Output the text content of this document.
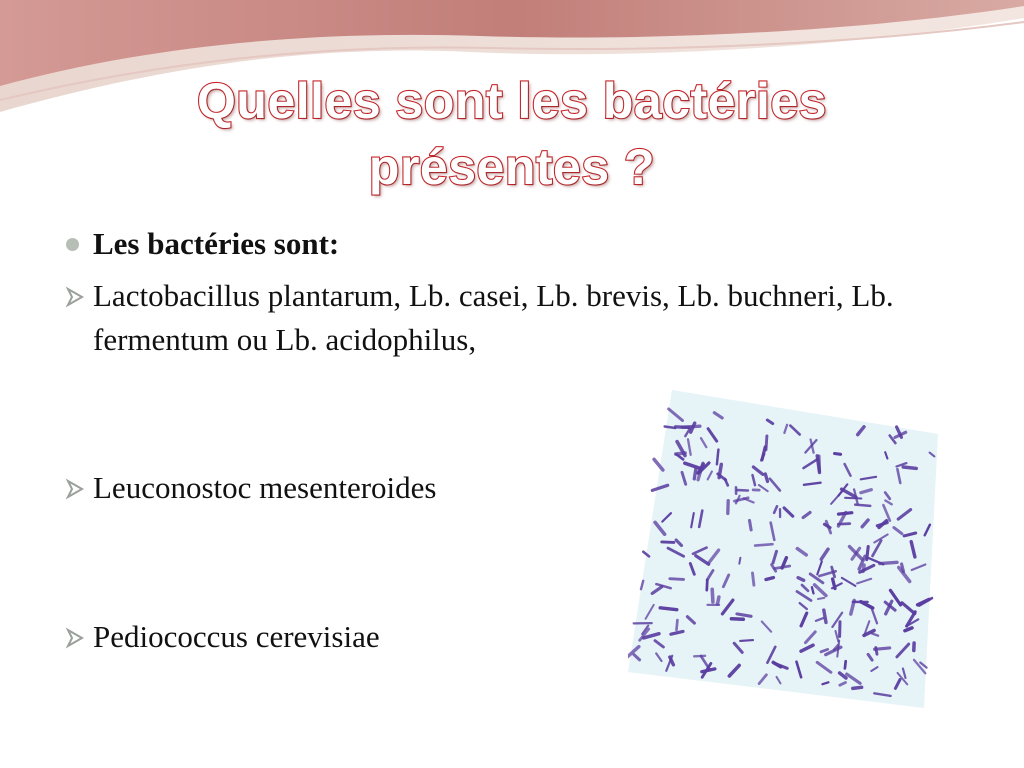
Quelles sont les bactéries présentes ?
Les bactéries sont:
Lactobacillus plantarum, Lb. casei, Lb. brevis, Lb. buchneri, Lb. fermentum ou Lb. acidophilus,
Leuconostoc mesenteroides
Pediococcus cerevisiae
